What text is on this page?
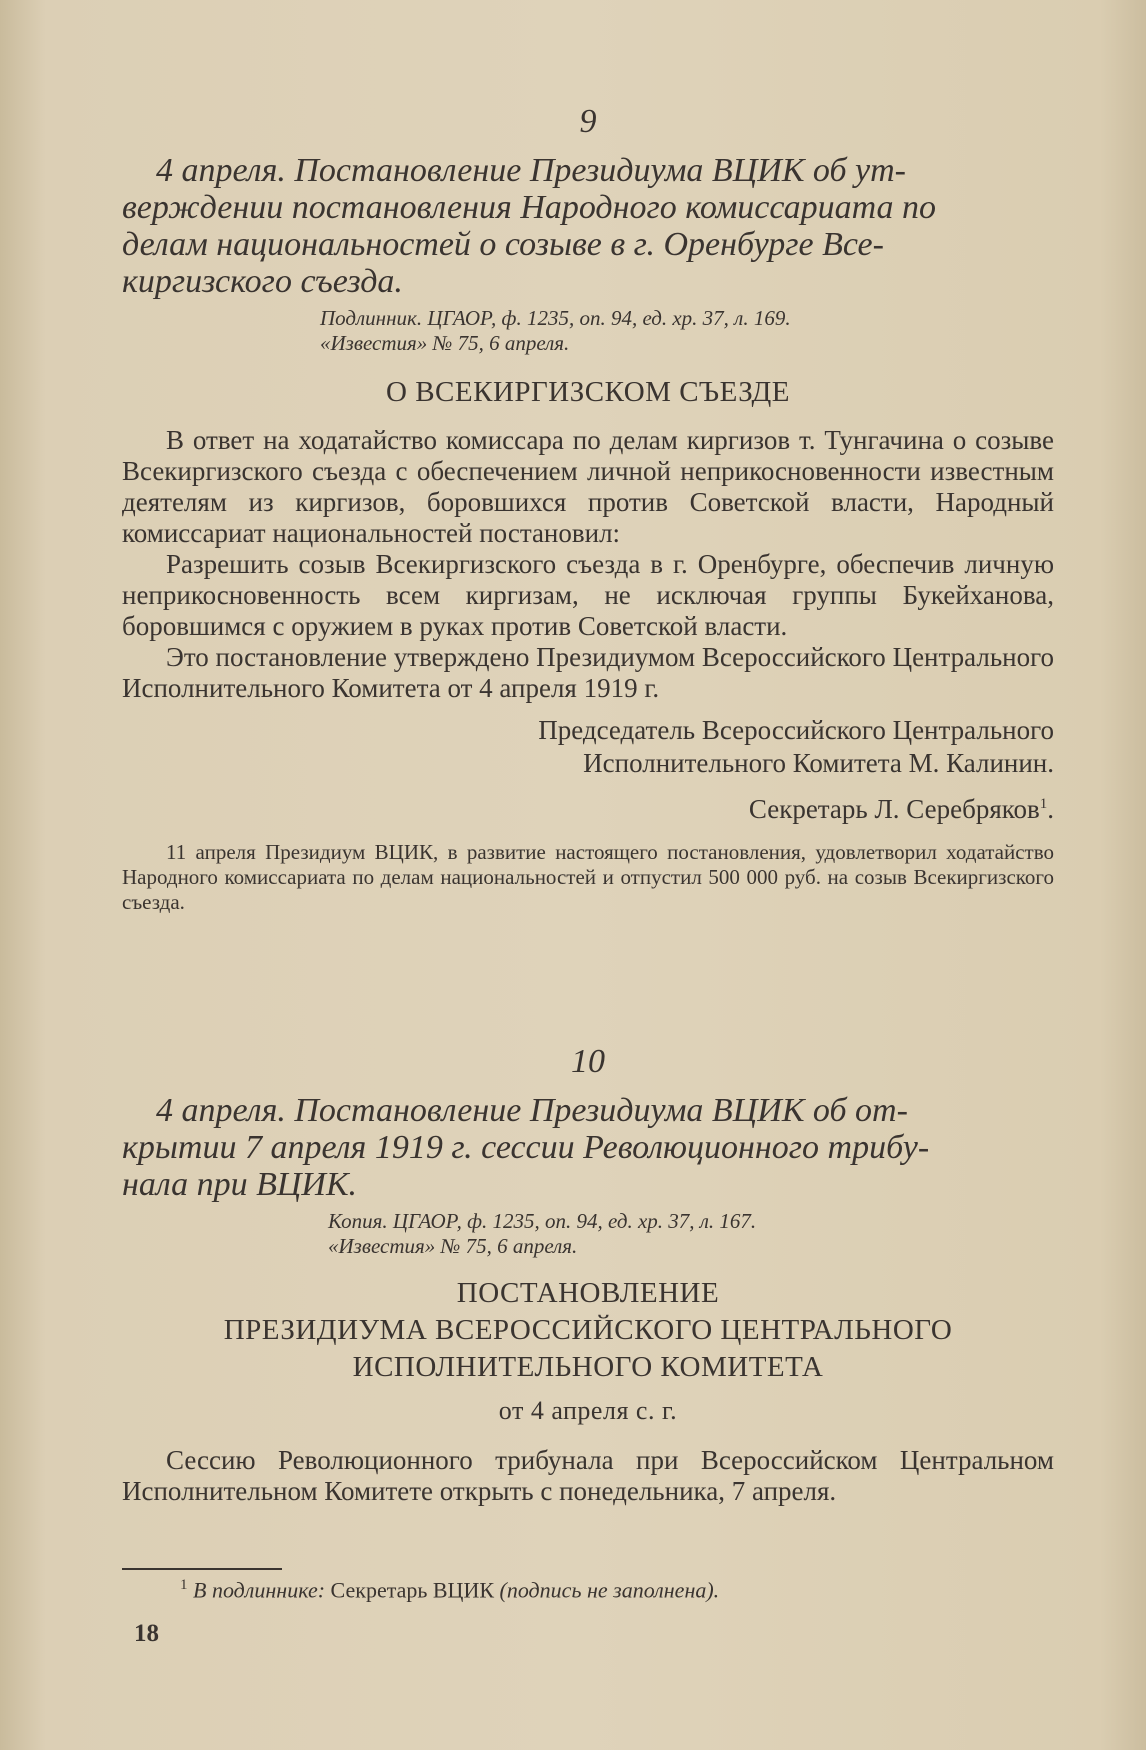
9
4 апреля. Постановление Президиума ВЦИК об ут-
верждении постановления Народного комиссариата по
делам национальностей о созыве в г. Оренбурге Все-
киргизского съезда.
Подлинник. ЦГАОР, ф. 1235, оп. 94, ед. хр. 37, л. 169.
«Известия» № 75, 6 апреля.
О ВСЕКИРГИЗСКОМ СЪЕЗДЕ

В ответ на ходатайство комиссара по делам киргизов т. Тунгачина о созыве Всекиргизского съезда с обеспечением личной неприкосновенности известным деятелям из киргизов, боровшихся против Советской власти, Народный комиссариат национальностей постановил:

Разрешить созыв Всекиргизского съезда в г. Оренбурге, обеспечив личную неприкосновенность всем киргизам, не исключая группы Букейханова, боровшимся с оружием в руках против Советской власти.

Это постановление утверждено Президиумом Всероссийского Центрального Исполнительного Комитета от 4 апреля 1919 г.

Председатель Всероссийского Центрального
Исполнительного Комитета М. Калинин.
Секретарь Л. Серебряков$^1$.
11 апреля Президиум ВЦИК, в развитие настоящего постановления, удовлетворил ходатайство Народного комиссариата по делам национальностей и отпустил 500 000 руб. на созыв Всекиргизского съезда.
10
4 апреля. Постановление Президиума ВЦИК об от-
крытии 7 апреля 1919 г. сессии Революционного трибу-
нала при ВЦИК.
Копия. ЦГАОР, ф. 1235, оп. 94, ед. хр. 37, л. 167.
«Известия» № 75, 6 апреля.
ПОСТАНОВЛЕНИЕ
ПРЕЗИДИУМА ВСЕРОССИЙСКОГО ЦЕНТРАЛЬНОГО
ИСПОЛНИТЕЛЬНОГО КОМИТЕТА
от 4 апреля с. г.

Сессию Революционного трибунала при Всероссийском Центральном Исполнительном Комитете открыть с понедельника, 7 апреля.

$^1$ В подлиннике: Секретарь ВЦИК (подпись не заполнена).
18
